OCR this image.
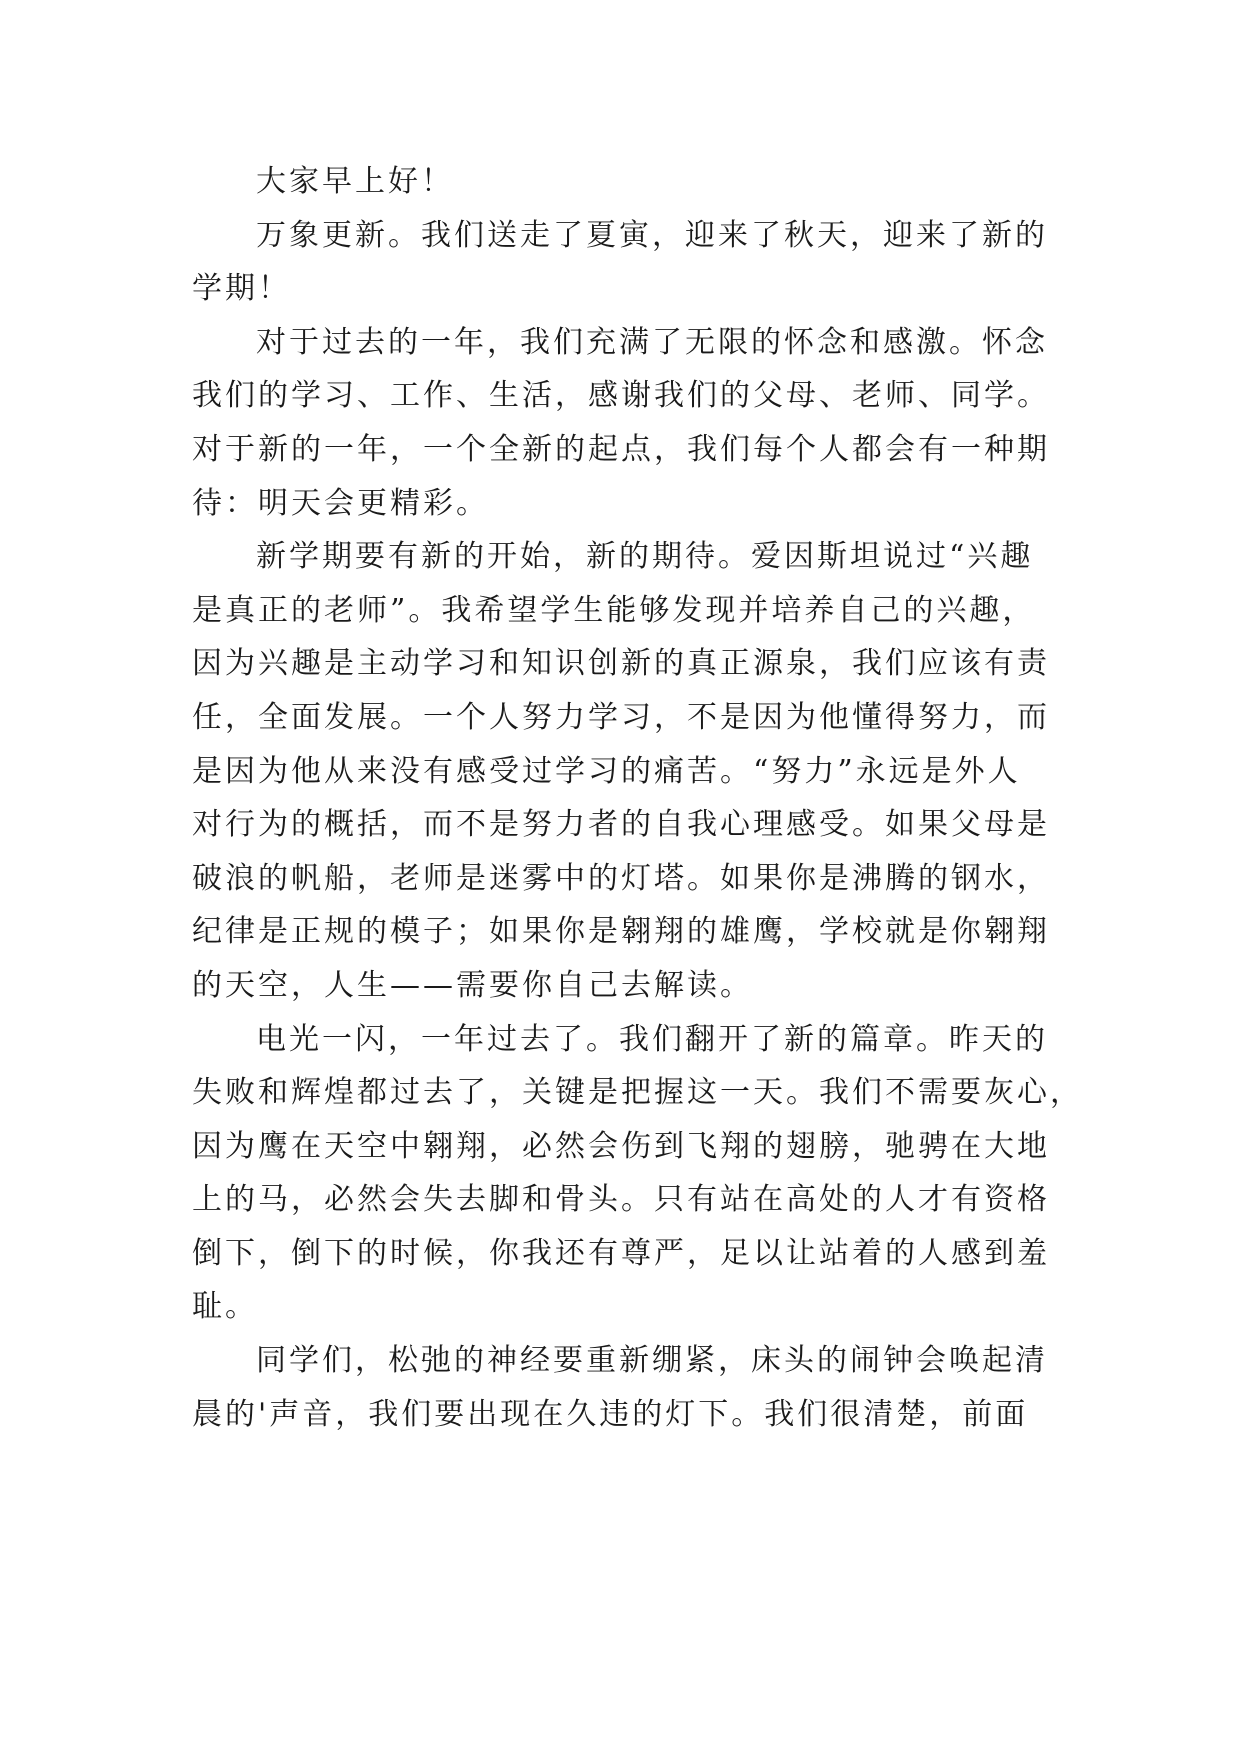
大家早上好！

万象更新。我们送走了夏寅，迎来了秋天，迎来了新的
学期！

对于过去的一年，我们充满了无限的怀念和感激。怀念
我们的学习、工作、生活，感谢我们的父母、老师、同学。
对于新的一年，一个全新的起点，我们每个人都会有一种期
待：明天会更精彩。

新学期要有新的开始，新的期待。爱因斯坦说过“兴趣
是真正的老师”。我希望学生能够发现并培养自己的兴趣，
因为兴趣是主动学习和知识创新的真正源泉，我们应该有责
任，全面发展。一个人努力学习，不是因为他懂得努力，而
是因为他从来没有感受过学习的痛苦。“努力”永远是外人
对行为的概括，而不是努力者的自我心理感受。如果父母是
破浪的帆船，老师是迷雾中的灯塔。如果你是沸腾的钢水，
纪律是正规的模子；如果你是翱翔的雄鹰，学校就是你翱翔
的天空，人生——需要你自己去解读。

电光一闪，一年过去了。我们翻开了新的篇章。昨天的
失败和辉煌都过去了，关键是把握这一天。我们不需要灰心，
因为鹰在天空中翱翔，必然会伤到飞翔的翅膀，驰骋在大地
上的马，必然会失去脚和骨头。只有站在高处的人才有资格
倒下，倒下的时候，你我还有尊严，足以让站着的人感到羞
耻。

同学们，松弛的神经要重新绷紧，床头的闹钟会唤起清
晨的'声音，我们要出现在久违的灯下。我们很清楚，前面
